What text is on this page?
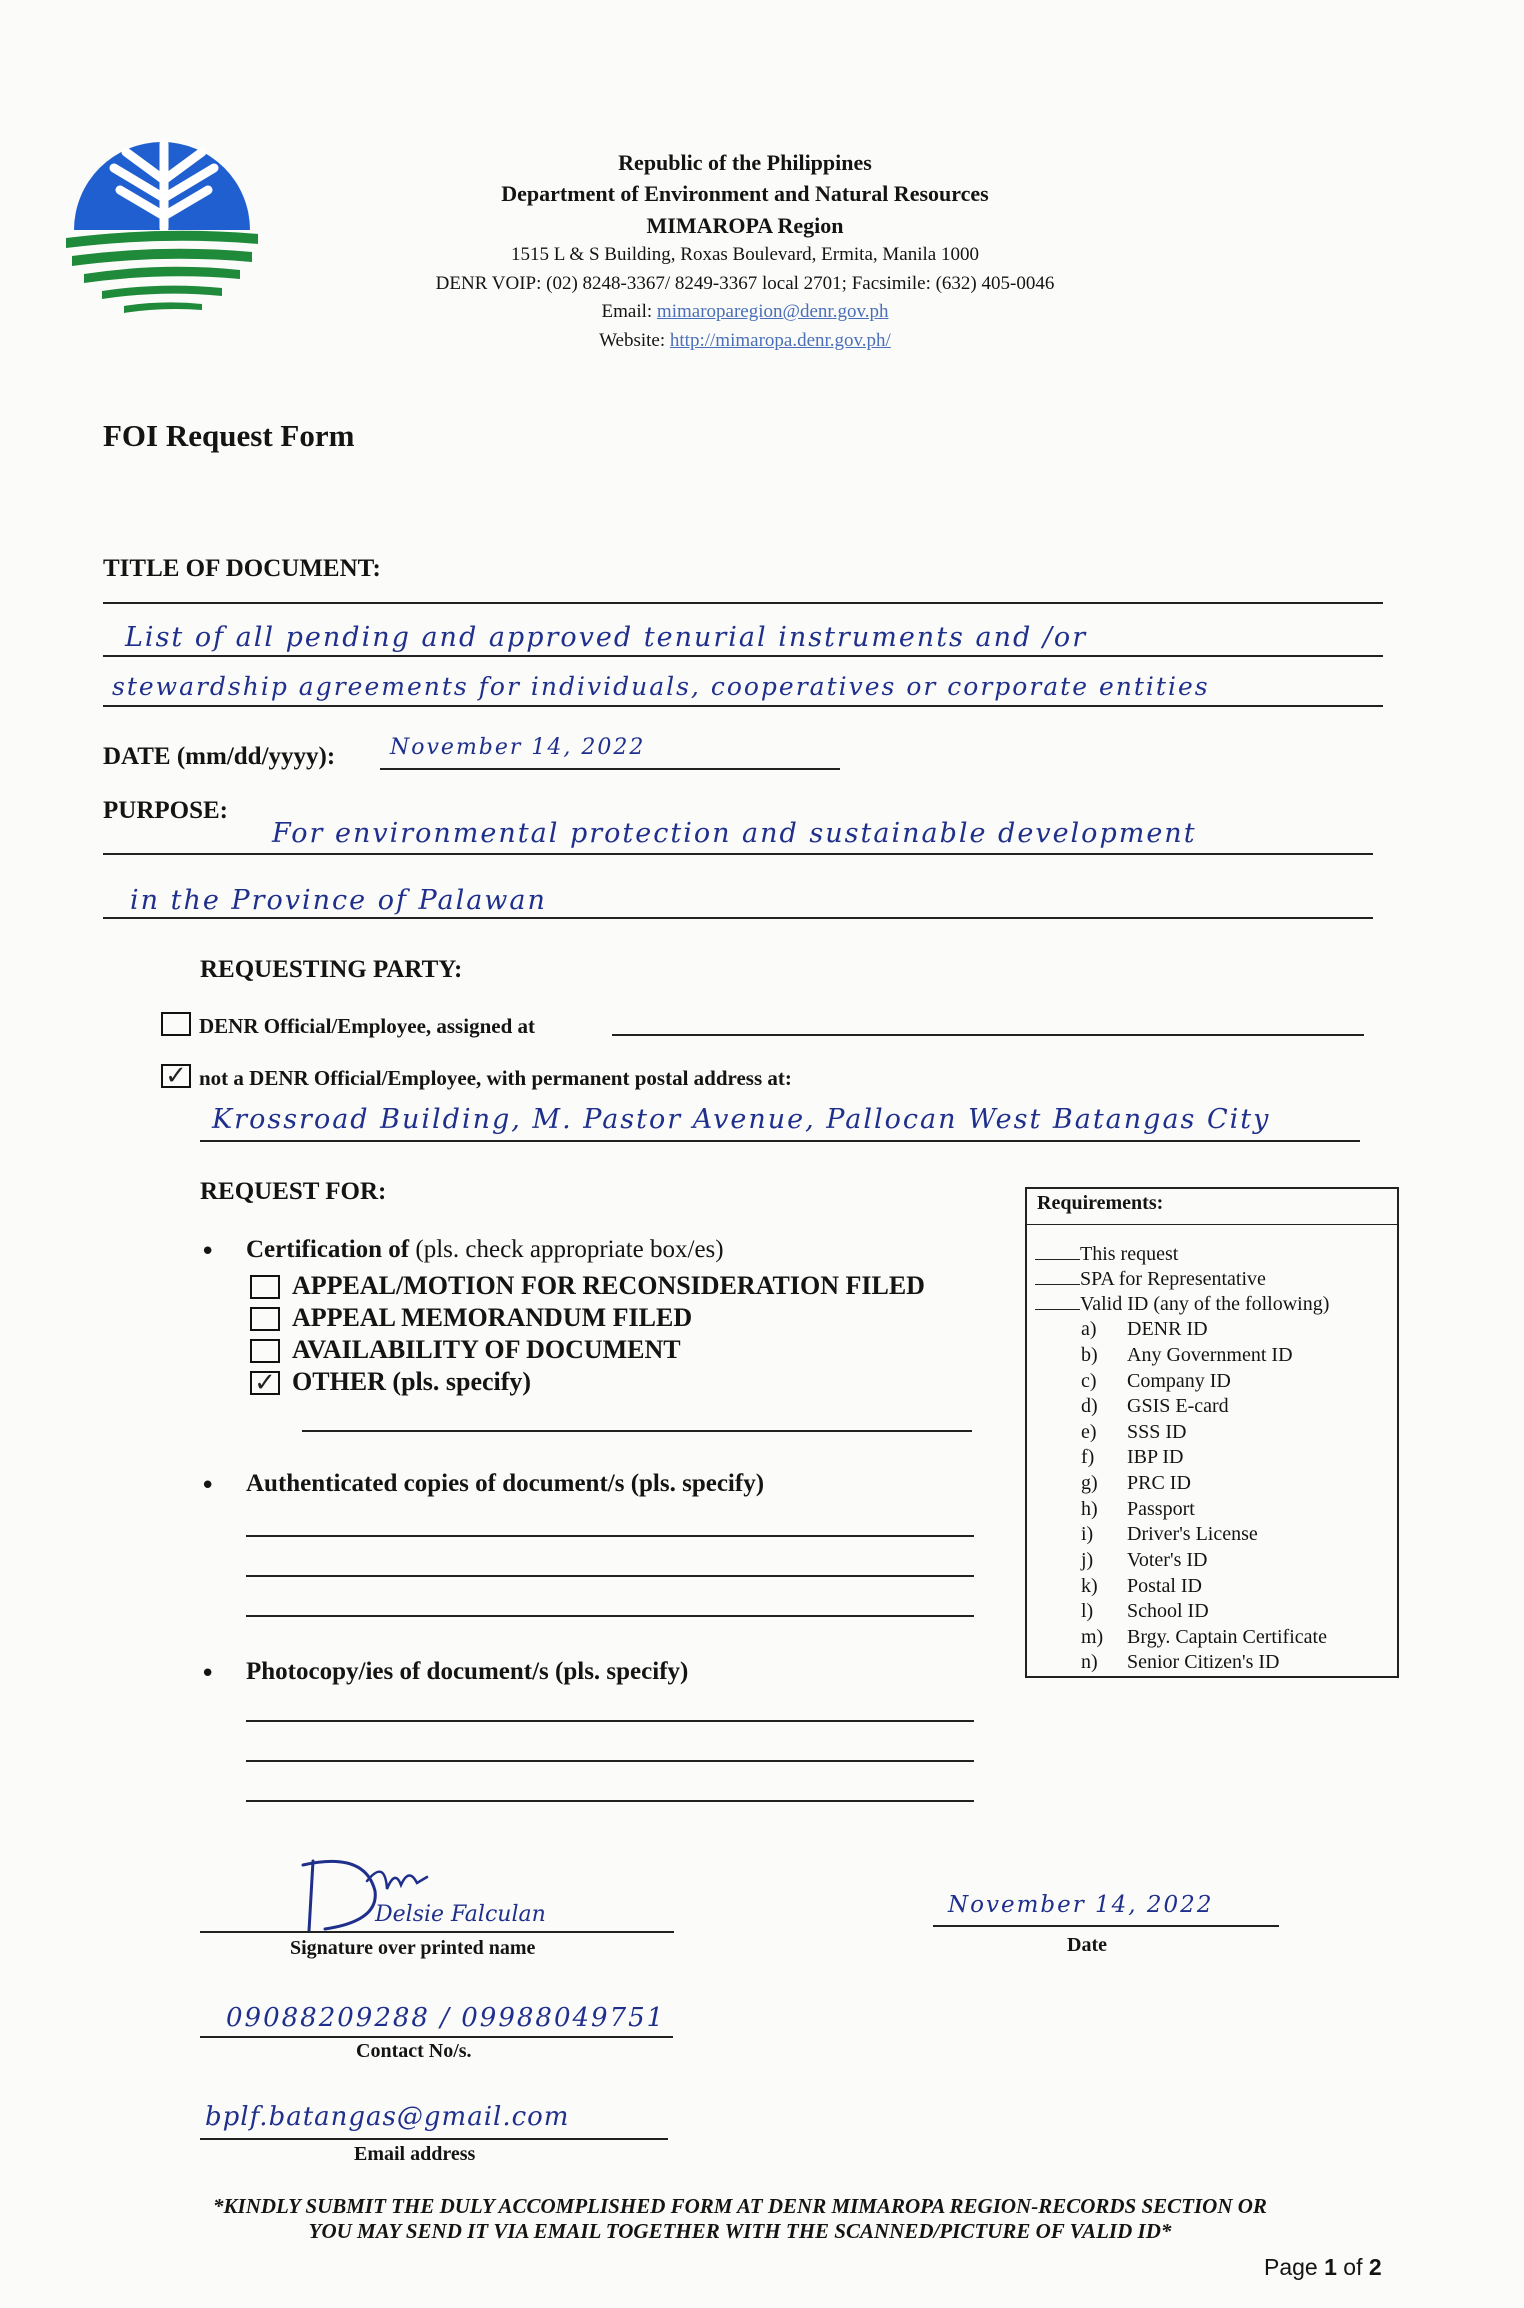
Republic of the Philippines
Department of Environment and Natural Resources
MIMAROPA Region
1515 L & S Building, Roxas Boulevard, Ermita, Manila 1000
DENR VOIP: (02) 8248-3367/ 8249-3367 local 2701; Facsimile: (632) 405-0046
Email: mimaroparegion@denr.gov.ph
Website: http://mimaropa.denr.gov.ph/
FOI Request Form
TITLE OF DOCUMENT:
List of all pending and approved tenurial instruments and /or
stewardship agreements for individuals, cooperatives or corporate entities
DATE (mm/dd/yyyy): November 14, 2022
PURPOSE:
For environmental protection and sustainable development
in the Province of Palawan
REQUESTING PARTY:
DENR Official/Employee, assigned at
✓ not a DENR Official/Employee, with permanent postal address at:
Krossroad Building, M. Pastor Avenue, Pallocan West Batangas City
REQUEST FOR:
• Certification of (pls. check appropriate box/es)
APPEAL/MOTION FOR RECONSIDERATION FILED
APPEAL MEMORANDUM FILED
AVAILABILITY OF DOCUMENT
✓ OTHER (pls. specify)
• Authenticated copies of document/s (pls. specify)
• Photocopy/ies of document/s (pls. specify)
Requirements:
This request
SPA for Representative
Valid ID (any of the following)
a) DENR ID
b) Any Government ID
c) Company ID
d) GSIS E-card
e) SSS ID
f) IBP ID
g) PRC ID
h) Passport
i) Driver's License
j) Voter's ID
k) Postal ID
l) School ID
m) Brgy. Captain Certificate
n) Senior Citizen's ID
Delsie Falculan
Signature over printed name
November 14, 2022
Date
09088209288 / 09988049751
Contact No/s.
bplf.batangas@gmail.com
Email address
*KINDLY SUBMIT THE DULY ACCOMPLISHED FORM AT DENR MIMAROPA REGION-RECORDS SECTION OR
YOU MAY SEND IT VIA EMAIL TOGETHER WITH THE SCANNED/PICTURE OF VALID ID*
Page 1 of 2
